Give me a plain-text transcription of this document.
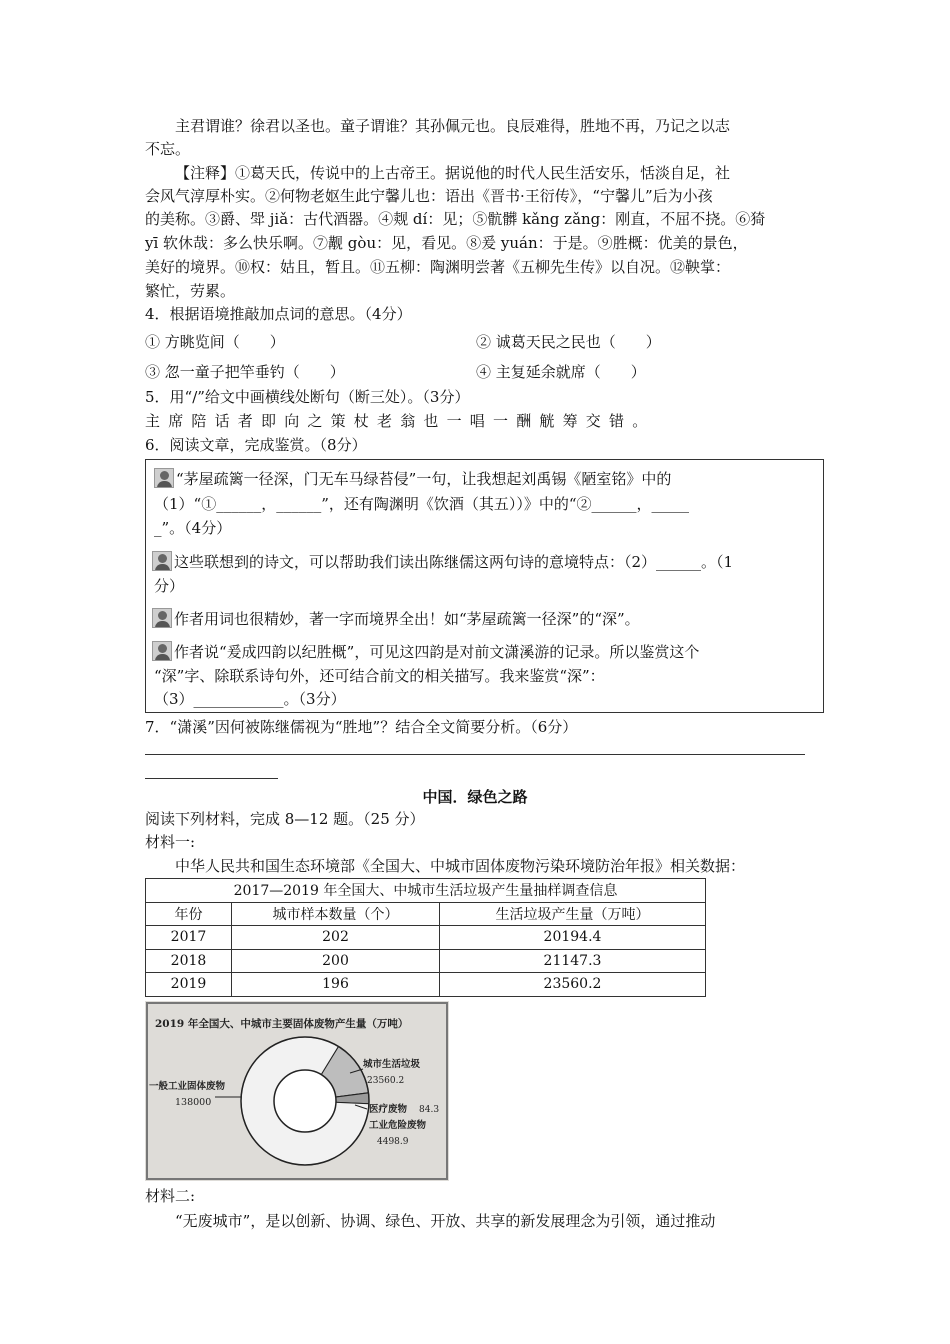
主君谓谁？徐君以圣也。童子谓谁？其孙佩元也。良辰难得，胜地不再，乃记之以志
不忘。
【注释】①葛天氏，传说中的上古帝王。据说他的时代人民生活安乐，恬淡自足，社
会风气淳厚朴实。②何物老妪生此宁馨儿也：语出《晋书·王衍传》，“宁馨儿”后为小孩
的美称。③爵、斝 jiǎ：古代酒器。④觌 dí：见；⑤骯髒 kǎng zǎng：刚直，不屈不挠。⑥猗
yī 软休哉：多么快乐啊。⑦觏 gòu：见，看见。⑧爰 yuán：于是。⑨胜概：优美的景色，
美好的境界。⑩权：姑且，暂且。⑪五柳：陶渊明尝著《五柳先生传》以自况。⑫鞅掌：
繁忙，劳累。
4．根据语境推敲加点词的意思。（4分）
① 方眺览间（　　）	② 诚葛天民之民也（　　）
③ 忽一童子把竿垂钓（　　）	④ 主复延余就席（　　）
5．用“/”给文中画横线处断句（断三处）。（3分）
主席陪话者即向之策杖老翁也一唱一酬觥筹交错。
6．阅读文章，完成鉴赏。（8分）
“茅屋疏篱一径深，门无车马绿苔侵”一句，让我想起刘禹锡《陋室铭》中的
（1）“①______，______”，还有陶渊明《饮酒（其五））》中的“②______，_____
_”。（4分）
这些联想到的诗文，可以帮助我们读出陈继儒这两句诗的意境特点：（2）______。（1
分）
作者用词也很精妙，著一字而境界全出！如“茅屋疏篱一径深”的“深”。
作者说“爰成四韵以纪胜概”，可见这四韵是对前文潇溪游的记录。所以鉴赏这个
“深”字、除联系诗句外，还可结合前文的相关描写。我来鉴赏“深”：
（3）____________。（3分）
7．“潇溪”因何被陈继儒视为“胜地”？结合全文简要分析。（6分）
中国．绿色之路
阅读下列材料，完成 8—12 题。（25 分）
材料一:
中华人民共和国生态环境部《全国大、中城市固体废物污染环境防治年报》相关数据：
2017—2019 年全国大、中城市生活垃圾产生量抽样调查信息		
年份	城市样本数量（个）	生活垃圾产生量（万吨）
2017	202	20194.4
2018	200	21147.3
2019	196	23560.2
2019 年全国大、中城市主要固体废物产生量（万吨）
一般工业固体废物
138000
城市生活垃圾
23560.2
医疗废物 84.3
工业危险废物
4498.9
材料二:
“无废城市”，是以创新、协调、绿色、开放、共享的新发展理念为引领，通过推动
